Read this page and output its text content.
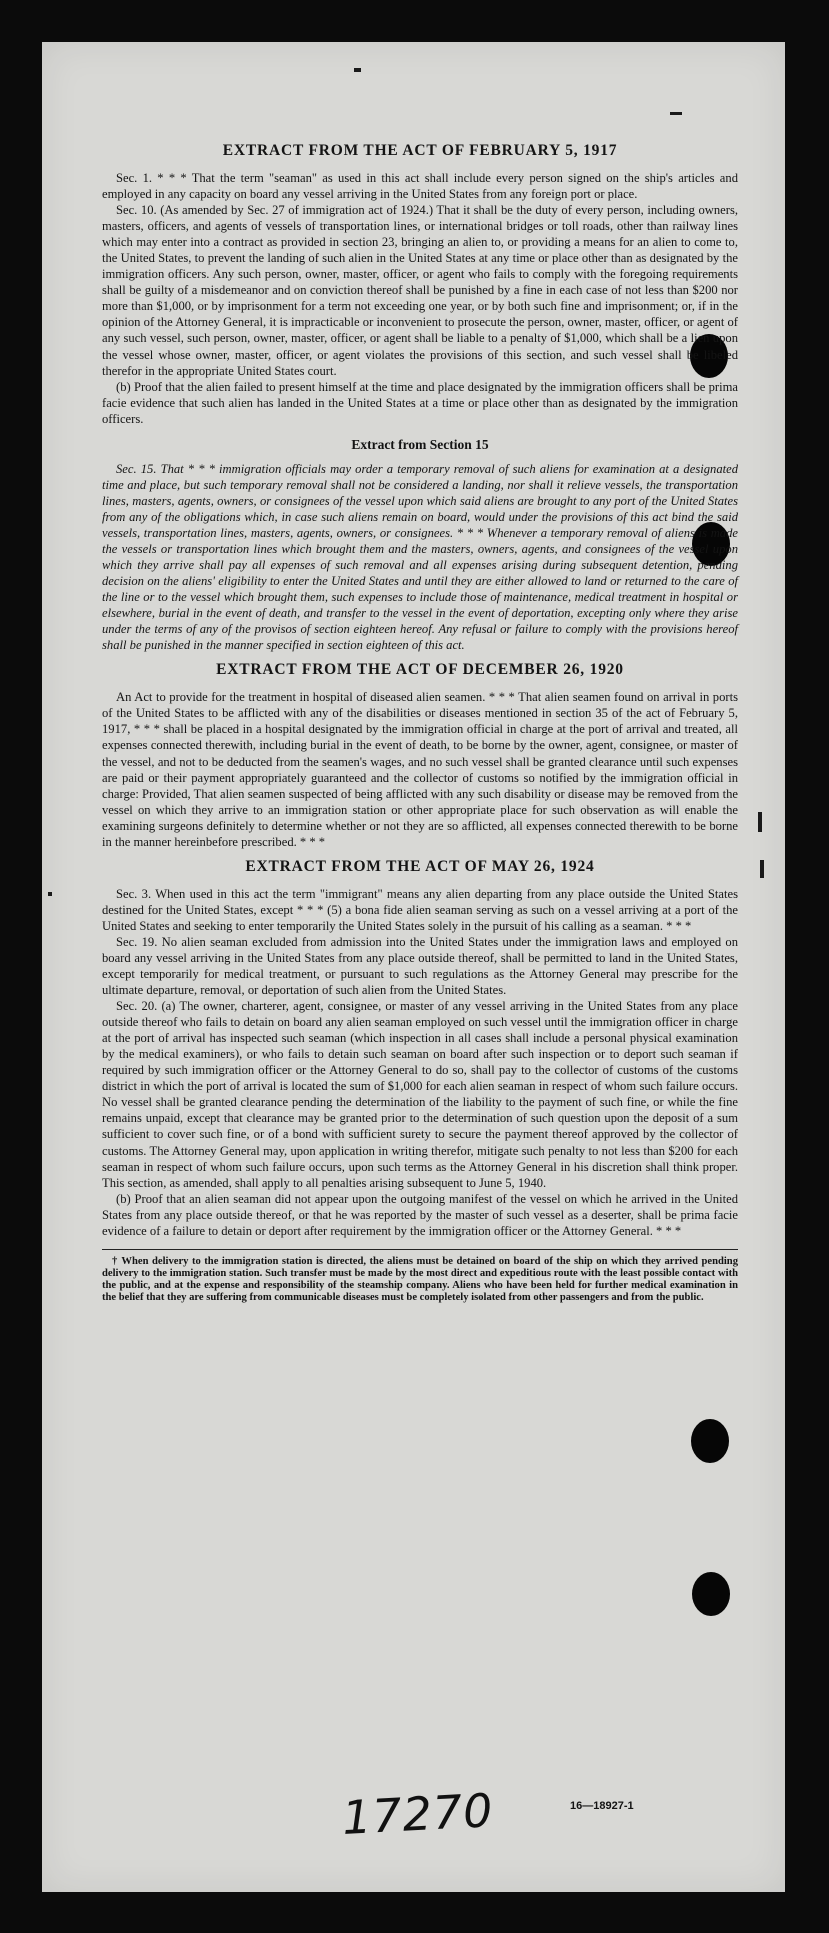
EXTRACT FROM THE ACT OF FEBRUARY 5, 1917

Sec. 1. * * * That the term "seaman" as used in this act shall include every person signed on the ship's articles and employed in any capacity on board any vessel arriving in the United States from any foreign port or place.

Sec. 10. (As amended by Sec. 27 of immigration act of 1924.) That it shall be the duty of every person, including owners, masters, officers, and agents of vessels of transportation lines, or international bridges or toll roads, other than railway lines which may enter into a contract as provided in section 23, bringing an alien to, or providing a means for an alien to come to, the United States, to prevent the landing of such alien in the United States at any time or place other than as designated by the immigration officers. Any such person, owner, master, officer, or agent who fails to comply with the foregoing requirements shall be guilty of a misdemeanor and on conviction thereof shall be punished by a fine in each case of not less than $200 nor more than $1,000, or by imprisonment for a term not exceeding one year, or by both such fine and imprisonment; or, if in the opinion of the Attorney General, it is impracticable or inconvenient to prosecute the person, owner, master, officer, or agent of any such vessel, such person, owner, master, officer, or agent shall be liable to a penalty of $1,000, which shall be a lien upon the vessel whose owner, master, officer, or agent violates the provisions of this section, and such vessel shall be libeled therefor in the appropriate United States court.

(b) Proof that the alien failed to present himself at the time and place designated by the immigration officers shall be prima facie evidence that such alien has landed in the United States at a time or place other than as designated by the immigration officers.

Extract from Section 15

Sec. 15. That * * * immigration officials may order a temporary removal of such aliens for examination at a designated time and place, but such temporary removal shall not be considered a landing, nor shall it relieve vessels, the transportation lines, masters, agents, owners, or consignees of the vessel upon which said aliens are brought to any port of the United States from any of the obligations which, in case such aliens remain on board, would under the provisions of this act bind the said vessels, transportation lines, masters, agents, owners, or consignees. * * * Whenever a temporary removal of aliens is made the vessels or transportation lines which brought them and the masters, owners, agents, and consignees of the vessel upon which they arrive shall pay all expenses of such removal and all expenses arising during subsequent detention, pending decision on the aliens' eligibility to enter the United States and until they are either allowed to land or returned to the care of the line or to the vessel which brought them, such expenses to include those of maintenance, medical treatment in hospital or elsewhere, burial in the event of death, and transfer to the vessel in the event of deportation, excepting only where they arise under the terms of any of the provisos of section eighteen hereof. Any refusal or failure to comply with the provisions hereof shall be punished in the manner specified in section eighteen of this act.

EXTRACT FROM THE ACT OF DECEMBER 26, 1920

An Act to provide for the treatment in hospital of diseased alien seamen. * * * That alien seamen found on arrival in ports of the United States to be afflicted with any of the disabilities or diseases mentioned in section 35 of the act of February 5, 1917, * * * shall be placed in a hospital designated by the immigration official in charge at the port of arrival and treated, all expenses connected therewith, including burial in the event of death, to be borne by the owner, agent, consignee, or master of the vessel, and not to be deducted from the seamen's wages, and no such vessel shall be granted clearance until such expenses are paid or their payment appropriately guaranteed and the collector of customs so notified by the immigration official in charge: Provided, That alien seamen suspected of being afflicted with any such disability or disease may be removed from the vessel on which they arrive to an immigration station or other appropriate place for such observation as will enable the examining surgeons definitely to determine whether or not they are so afflicted, all expenses connected therewith to be borne in the manner hereinbefore prescribed. * * *

EXTRACT FROM THE ACT OF MAY 26, 1924

Sec. 3. When used in this act the term "immigrant" means any alien departing from any place outside the United States destined for the United States, except * * * (5) a bona fide alien seaman serving as such on a vessel arriving at a port of the United States and seeking to enter temporarily the United States solely in the pursuit of his calling as a seaman. * * *

Sec. 19. No alien seaman excluded from admission into the United States under the immigration laws and employed on board any vessel arriving in the United States from any place outside thereof, shall be permitted to land in the United States, except temporarily for medical treatment, or pursuant to such regulations as the Attorney General may prescribe for the ultimate departure, removal, or deportation of such alien from the United States.

Sec. 20. (a) The owner, charterer, agent, consignee, or master of any vessel arriving in the United States from any place outside thereof who fails to detain on board any alien seaman employed on such vessel until the immigration officer in charge at the port of arrival has inspected such seaman (which inspection in all cases shall include a personal physical examination by the medical examiners), or who fails to detain such seaman on board after such inspection or to deport such seaman if required by such immigration officer or the Attorney General to do so, shall pay to the collector of customs of the customs district in which the port of arrival is located the sum of $1,000 for each alien seaman in respect of whom such failure occurs. No vessel shall be granted clearance pending the determination of the liability to the payment of such fine, or while the fine remains unpaid, except that clearance may be granted prior to the determination of such question upon the deposit of a sum sufficient to cover such fine, or of a bond with sufficient surety to secure the payment thereof approved by the collector of customs. The Attorney General may, upon application in writing therefor, mitigate such penalty to not less than $200 for each seaman in respect of whom such failure occurs, upon such terms as the Attorney General in his discretion shall think proper. This section, as amended, shall apply to all penalties arising subsequent to June 5, 1940.

(b) Proof that an alien seaman did not appear upon the outgoing manifest of the vessel on which he arrived in the United States from any place outside thereof, or that he was reported by the master of such vessel as a deserter, shall be prima facie evidence of a failure to detain or deport after requirement by the immigration officer or the Attorney General. * * *

† When delivery to the immigration station is directed, the aliens must be detained on board of the ship on which they arrived pending delivery to the immigration station. Such transfer must be made by the most direct and expeditious route with the least possible contact with the public, and at the expense and responsibility of the steamship company. Aliens who have been held for further medical examination in the belief that they are suffering from communicable diseases must be completely isolated from other passengers and from the public.

16—18927-1
17270
